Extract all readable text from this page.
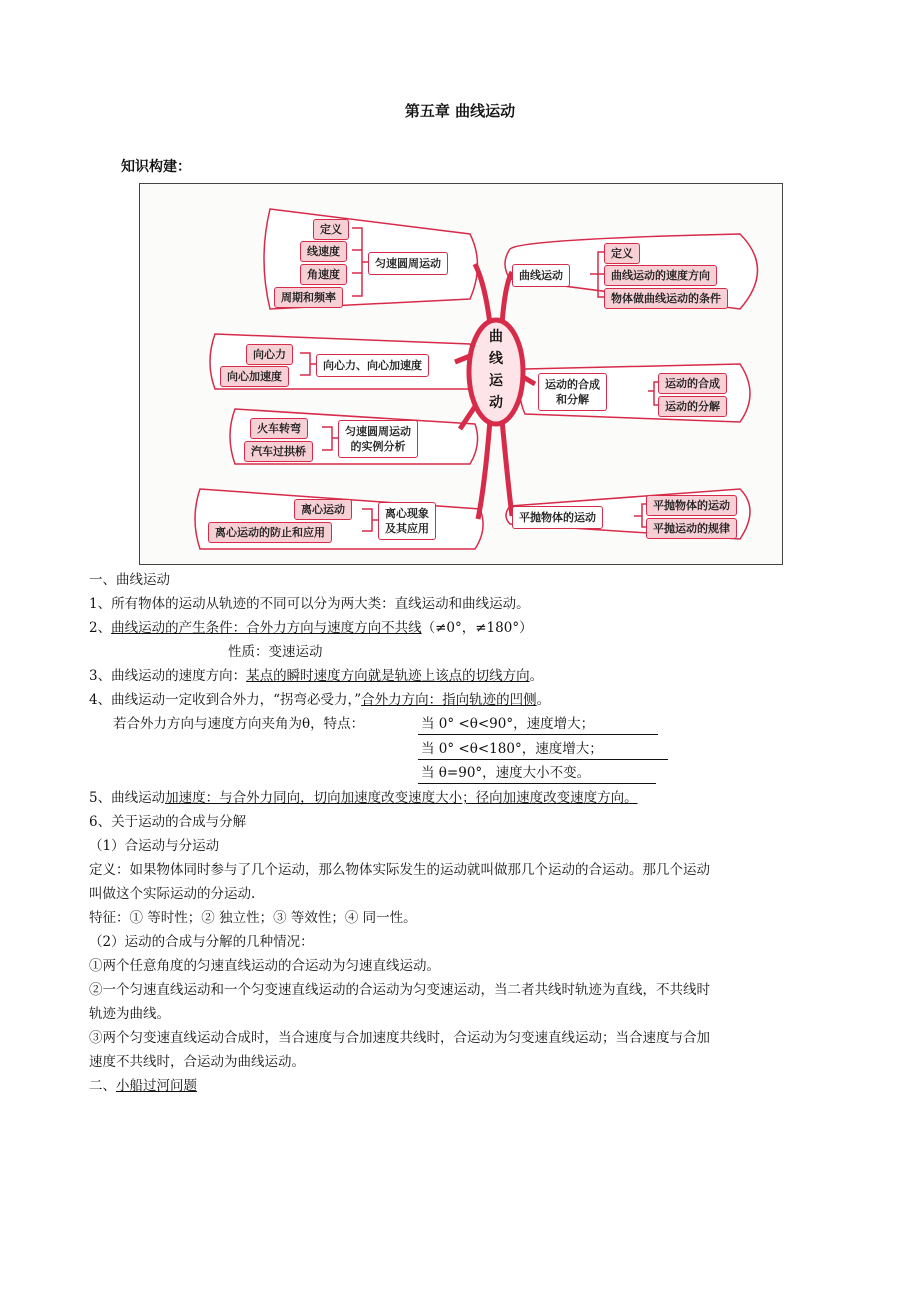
第五章 曲线运动
知识构建：
曲
线
运
动
定义
线速度
角速度
周期和频率
匀速圆周运动
向心力
向心加速度
向心力、向心加速度
火车转弯
汽车过拱桥
匀速圆周运动
的实例分析
离心运动
离心运动的防止和应用
离心现象
及其应用
曲线运动
定义
曲线运动的速度方向
物体做曲线运动的条件
运动的合成
和分解
运动的合成
运动的分解
平抛物体的运动
平抛物体的运动
平抛运动的规律
一、曲线运动
1、所有物体的运动从轨迹的不同可以分为两大类：直线运动和曲线运动。
2、曲线运动的产生条件：合外力方向与速度方向不共线（≠0°，≠180°）
性质：变速运动
3、曲线运动的速度方向：某点的瞬时速度方向就是轨迹上该点的切线方向。
4、曲线运动一定收到合外力，“拐弯必受力，”合外力方向：指向轨迹的凹侧。
若合外力方向与速度方向夹角为θ，特点：	当 0° <θ<90°，速度增大；
当 0° <θ<180°，速度增大；
当 θ=90°，速度大小不变。
5、曲线运动加速度：与合外力同向，切向加速度改变速度大小；径向加速度改变速度方向。
6、关于运动的合成与分解
（1）合运动与分运动
定义：如果物体同时参与了几个运动，那么物体实际发生的运动就叫做那几个运动的合运动。那几个运动
叫做这个实际运动的分运动.
特征：① 等时性；② 独立性；③ 等效性；④ 同一性。
（2）运动的合成与分解的几种情况：
①两个任意角度的匀速直线运动的合运动为匀速直线运动。
②一个匀速直线运动和一个匀变速直线运动的合运动为匀变速运动，当二者共线时轨迹为直线，不共线时
轨迹为曲线。
③两个匀变速直线运动合成时，当合速度与合加速度共线时，合运动为匀变速直线运动；当合速度与合加
速度不共线时，合运动为曲线运动。
二、小船过河问题
